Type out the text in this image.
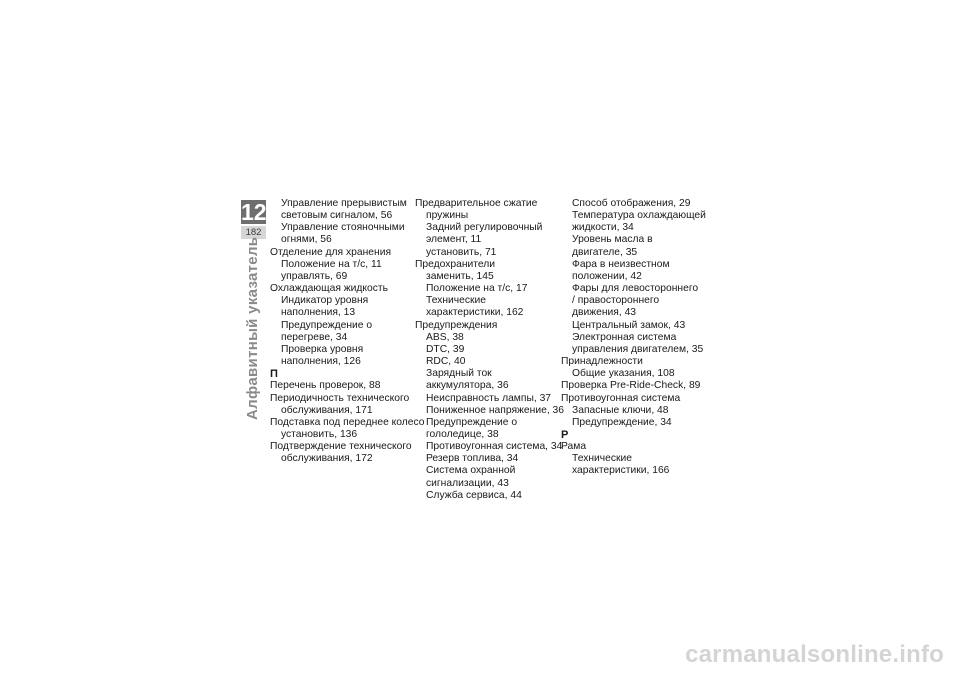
12
182
Алфавитный указатель
Управление прерывистым
световым сигналом, 56
Управление стояночными
огнями, 56
Отделение для хранения
Положение на т/с, 11
управлять, 69
Охлаждающая жидкость
Индикатор уровня
наполнения, 13
Предупреждение о
перегреве, 34
Проверка уровня
наполнения, 126
П
Перечень проверок, 88
Периодичность технического
обслуживания, 171
Подставка под переднее колесо
установить, 136
Подтверждение технического
обслуживания, 172
Предварительное сжатие
пружины
Задний регулировочный
элемент, 11
установить, 71
Предохранители
заменить, 145
Положение на т/с, 17
Технические
характеристики, 162
Предупреждения
ABS, 38
DTC, 39
RDC, 40
Зарядный ток
аккумулятора, 36
Неисправность лампы, 37
Пониженное напряжение, 36
Предупреждение о
гололедице, 38
Противоугонная система, 34
Резерв топлива, 34
Система охранной
сигнализации, 43
Служба сервиса, 44
Способ отображения, 29
Температура охлаждающей
жидкости, 34
Уровень масла в
двигателе, 35
Фара в неизвестном
положении, 42
Фары для левостороннего
/ правостороннего
движения, 43
Центральный замок, 43
Электронная система
управления двигателем, 35
Принадлежности
Общие указания, 108
Проверка Pre-Ride-Check, 89
Противоугонная система
Запасные ключи, 48
Предупреждение, 34
Р
Рама
Технические
характеристики, 166
carmanualsonline.info
